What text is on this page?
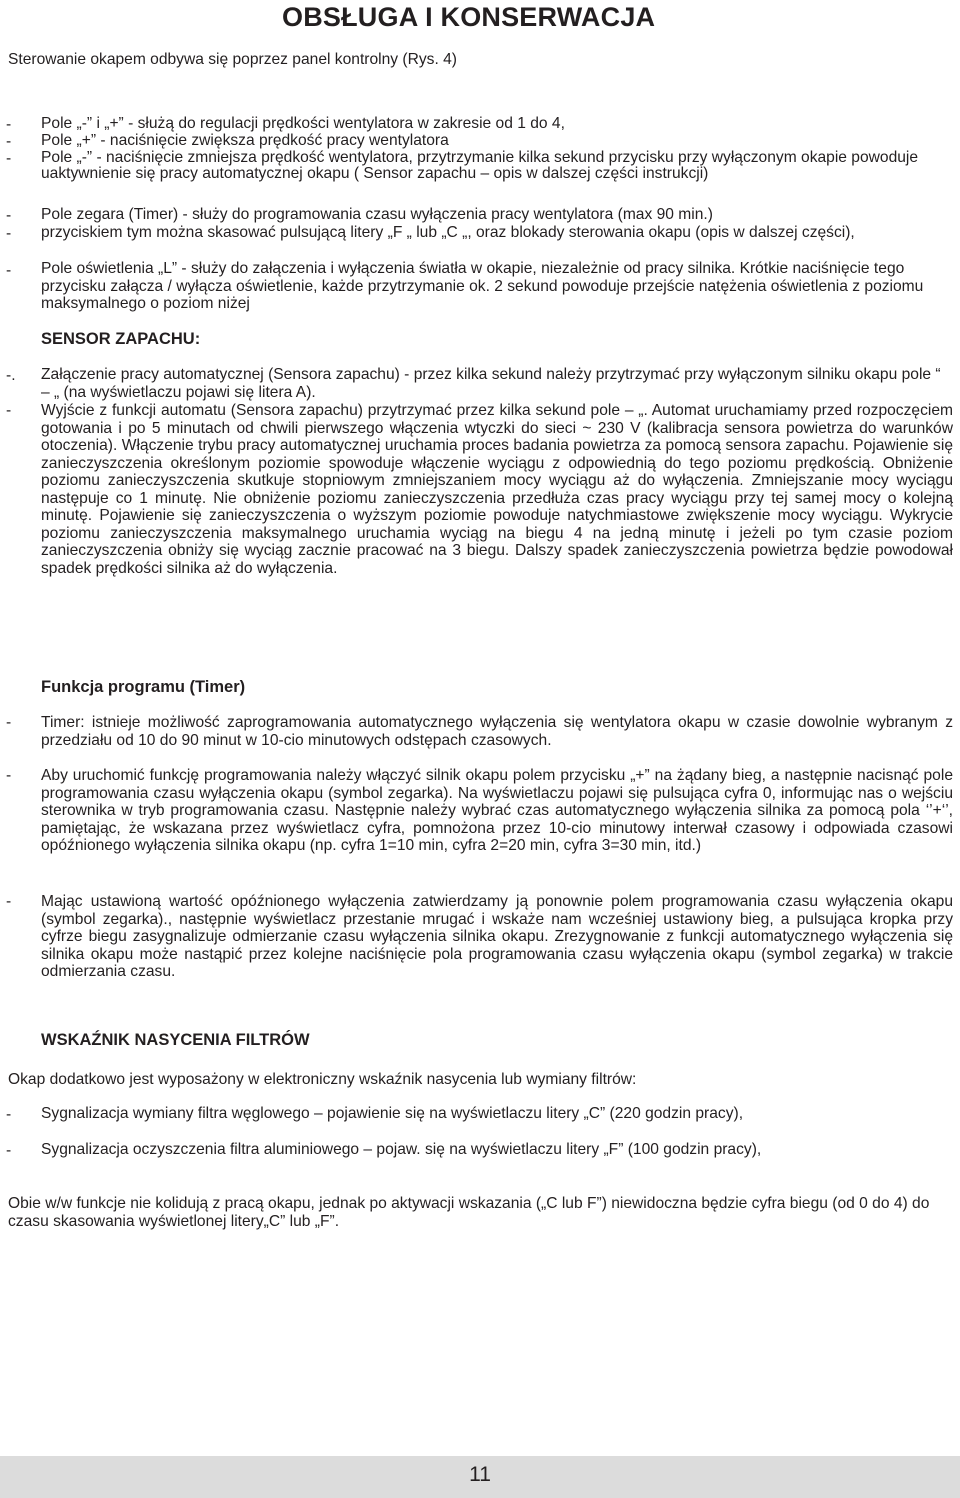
OBSŁUGA I KONSERWACJA
Sterowanie okapem odbywa się poprzez panel kontrolny (Rys. 4)
- Pole „-” i „+” - służą do regulacji prędkości wentylatora w zakresie od 1 do 4,
- Pole „+” - naciśnięcie zwiększa prędkość pracy wentylatora
- Pole „-” - naciśnięcie zmniejsza prędkość wentylatora, przytrzymanie kilka sekund przycisku przy wyłączonym okapie powoduje uaktywnienie się pracy automatycznej okapu ( Sensor zapachu – opis w dalszej części instrukcji)
- Pole zegara (Timer) - służy do programowania czasu wyłączenia pracy wentylatora (max 90 min.)
- przyciskiem tym można skasować pulsującą litery „F „ lub „C „, oraz blokady sterowania okapu (opis w dalszej części),
- Pole oświetlenia „L” - służy do załączenia i wyłączenia światła w okapie, niezależnie od pracy silnika. Krótkie naciśnięcie tego przycisku załącza / wyłącza oświetlenie, każde przytrzymanie ok. 2 sekund powoduje przejście natężenia oświetlenia z poziomu maksymalnego o poziom niżej
SENSOR ZAPACHU:
-. Załączenie pracy automatycznej (Sensora zapachu) - przez kilka sekund należy przytrzymać przy wyłączonym silniku okapu pole “ – „ (na wyświetlaczu pojawi się litera A).
- Wyjście z funkcji automatu (Sensora zapachu) przytrzymać przez kilka sekund pole – „. Automat uruchamiamy przed rozpoczęciem gotowania i po 5 minutach od chwili pierwszego włączenia wtyczki do sieci ~ 230 V (kalibracja sensora powietrza do warunków otoczenia). Włączenie trybu pracy automatycznej uruchamia proces badania powietrza za pomocą sensora zapachu. Pojawienie się zanieczyszczenia określonym poziomie spowoduje włączenie wyciągu z odpowiednią do tego poziomu prędkością. Obniżenie poziomu zanieczyszczenia skutkuje stopniowym zmniejszaniem mocy wyciągu aż do wyłączenia. Zmniejszanie mocy wyciągu następuje co 1 minutę. Nie obniżenie poziomu zanieczyszczenia przedłuża czas pracy wyciągu przy tej samej mocy o kolejną minutę. Pojawienie się zanieczyszczenia o wyższym poziomie powoduje natychmiastowe zwiększenie mocy wyciągu. Wykrycie poziomu zanieczyszczenia maksymalnego uruchamia wyciąg na biegu 4 na jedną minutę i jeżeli po tym czasie poziom zanieczyszczenia obniży się wyciąg zacznie pracować na 3 biegu. Dalszy spadek zanieczyszczenia powietrza będzie powodował spadek prędkości silnika aż do wyłączenia.
Funkcja programu (Timer)
- Timer: istnieje możliwość zaprogramowania automatycznego wyłączenia się wentylatora okapu w czasie dowolnie wybranym z przedziału od 10 do 90 minut w 10-cio minutowych odstępach czasowych.
- Aby uruchomić funkcję programowania należy włączyć silnik okapu polem przycisku „+” na żądany bieg, a następnie nacisnąć pole programowania czasu wyłączenia okapu (symbol zegarka). Na wyświetlaczu pojawi się pulsująca cyfra 0, informując nas o wejściu sterownika w tryb programowania czasu. Następnie należy wybrać czas automatycznego wyłączenia silnika za pomocą pola ‘’+‘’, pamiętając, że wskazana przez wyświetlacz cyfra, pomnożona przez 10-cio minutowy interwał czasowy i odpowiada czasowi opóźnionego wyłączenia silnika okapu (np. cyfra 1=10 min, cyfra 2=20 min, cyfra 3=30 min, itd.)
- Mając ustawioną wartość opóźnionego wyłączenia zatwierdzamy ją ponownie polem programowania czasu wyłączenia okapu (symbol zegarka)., następnie wyświetlacz przestanie mrugać i wskaże nam wcześniej ustawiony bieg, a pulsująca kropka przy cyfrze biegu zasygnalizuje odmierzanie czasu wyłączenia silnika okapu. Zrezygnowanie z funkcji automatycznego wyłączenia się silnika okapu może nastąpić przez kolejne naciśnięcie pola programowania czasu wyłączenia okapu (symbol zegarka) w trakcie odmierzania czasu.
WSKAŹNIK NASYCENIA FILTRÓW
Okap dodatkowo jest wyposażony w elektroniczny wskaźnik nasycenia lub wymiany filtrów:
- Sygnalizacja wymiany filtra węglowego – pojawienie się na wyświetlaczu litery „C” (220 godzin pracy),
- Sygnalizacja oczyszczenia filtra aluminiowego – pojaw. się na wyświetlaczu litery „F” (100 godzin pracy),
Obie w/w funkcje nie kolidują z pracą okapu, jednak po aktywacji wskazania („C lub F”) niewidoczna będzie cyfra biegu (od 0 do 4) do czasu skasowania wyświetlonej litery„C” lub „F”.
11
